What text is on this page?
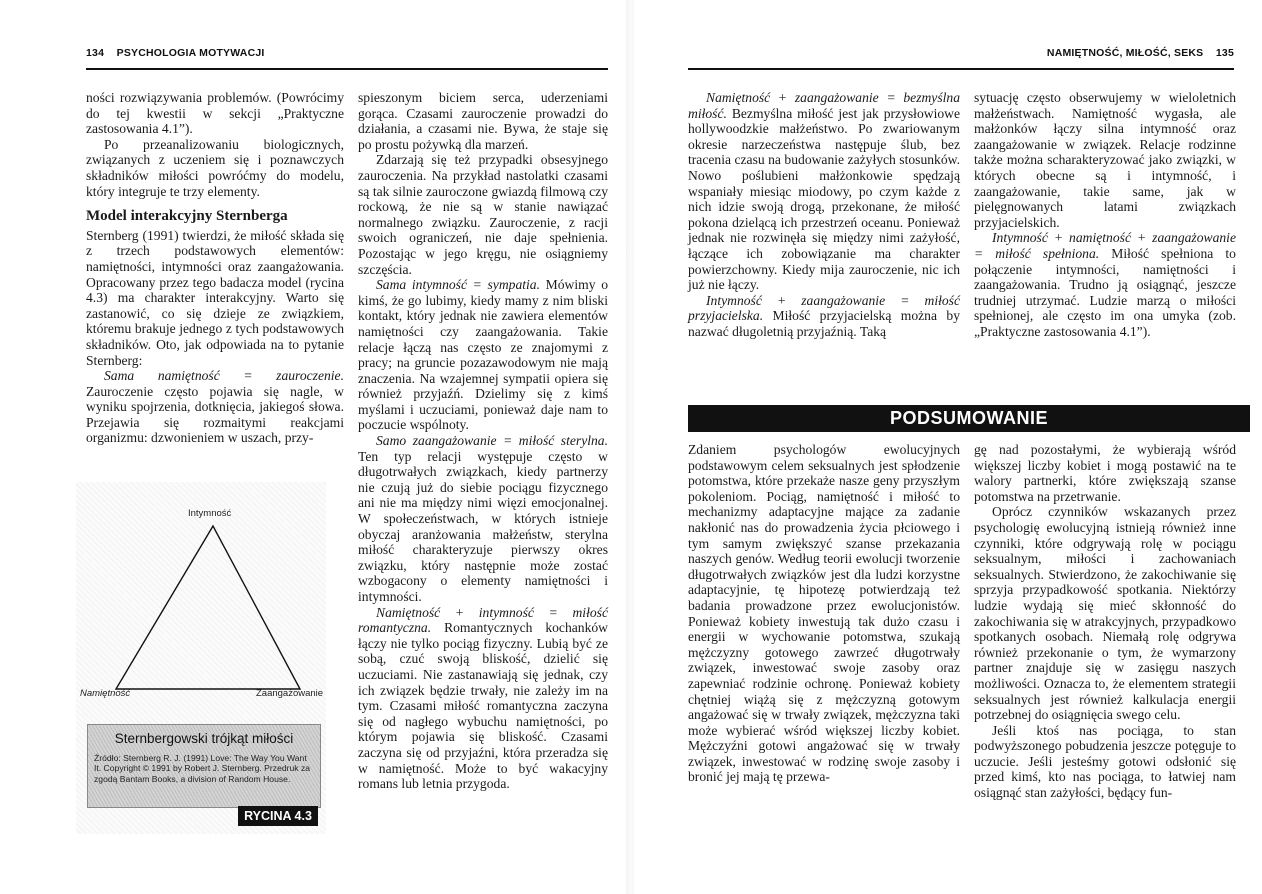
134 PSYCHOLOGIA MOTYWACJI

ności rozwiązywania problemów. (Powrócimy do tej kwestii w sekcji „Praktyczne zastosowania 4.1”).

Po przeanalizowaniu biologicznych, związanych z uczeniem się i poznawczych składników miłości powróćmy do modelu, który integruje te trzy elementy.

Model interakcyjny Sternberga

Sternberg (1991) twierdzi, że miłość składa się z trzech podstawowych elementów: namiętności, intymności oraz zaangażowania. Opracowany przez tego badacza model (rycina 4.3) ma charakter interakcyjny. Warto się zastanowić, co się dzieje ze związkiem, któremu brakuje jednego z tych podstawowych składników. Oto, jak odpowiada na to pytanie Sternberg:

Sama namiętność = zauroczenie. Zauroczenie często pojawia się nagle, w wyniku spojrzenia, dotknięcia, jakiegoś słowa. Przejawia się rozmaitymi reakcjami organizmu: dzwonieniem w uszach, przy-

Intymność
Namiętność	Zaangażowanie
Sternbergowski trójkąt miłości
Źródło: Sternberg R. J. (1991) Love: The Way You Want It. Copyright © 1991 by Robert J. Sternberg. Przedruk za zgodą Bantam Books, a division of Random House.
RYCINA 4.3

spieszonym biciem serca, uderzeniami gorąca. Czasami zauroczenie prowadzi do działania, a czasami nie. Bywa, że staje się po prostu pożywką dla marzeń.

Zdarzają się też przypadki obsesyjnego zauroczenia. Na przykład nastolatki czasami są tak silnie zauroczone gwiazdą filmową czy rockową, że nie są w stanie nawiązać normalnego związku. Zauroczenie, z racji swoich ograniczeń, nie daje spełnienia. Pozostając w jego kręgu, nie osiągniemy szczęścia.

Sama intymność = sympatia. Mówimy o kimś, że go lubimy, kiedy mamy z nim bliski kontakt, który jednak nie zawiera elementów namiętności czy zaangażowania. Takie relacje łączą nas często ze znajomymi z pracy; na gruncie pozazawodowym nie mają znaczenia. Na wzajemnej sympatii opiera się również przyjaźń. Dzielimy się z kimś myślami i uczuciami, ponieważ daje nam to poczucie wspólnoty.

Samo zaangażowanie = miłość sterylna. Ten typ relacji występuje często w długotrwałych związkach, kiedy partnerzy nie czują już do siebie pociągu fizycznego ani nie ma między nimi więzi emocjonalnej. W społeczeństwach, w których istnieje obyczaj aranżowania małżeństw, sterylna miłość charakteryzuje pierwszy okres związku, który następnie może zostać wzbogacony o elementy namiętności i intymności.

Namiętność + intymność = miłość romantyczna. Romantycznych kochanków łączy nie tylko pociąg fizyczny. Lubią być ze sobą, czuć swoją bliskość, dzielić się uczuciami. Nie zastanawiają się jednak, czy ich związek będzie trwały, nie zależy im na tym. Czasami miłość romantyczna zaczyna się od nagłego wybuchu namiętności, po którym pojawia się bliskość. Czasami zaczyna się od przyjaźni, która przeradza się w namiętność. Może to być wakacyjny romans lub letnia przygoda.

NAMIĘTNOŚĆ, MIŁOŚĆ, SEKS 135

Namiętność + zaangażowanie = bezmyślna miłość. Bezmyślna miłość jest jak przysłowiowe hollywoodzkie małżeństwo. Po zwariowanym okresie narzeczeństwa następuje ślub, bez tracenia czasu na budowanie zażyłych stosunków. Nowo poślubieni małżonkowie spędzają wspaniały miesiąc miodowy, po czym każde z nich idzie swoją drogą, przekonane, że miłość pokona dzielącą ich przestrzeń oceanu. Ponieważ jednak nie rozwinęła się między nimi zażyłość, łączące ich zobowiązanie ma charakter powierzchowny. Kiedy mija zauroczenie, nic ich już nie łączy.

Intymność + zaangażowanie = miłość przyjacielska. Miłość przyjacielską można by nazwać długoletnią przyjaźnią. Taką

sytuację często obserwujemy w wieloletnich małżeństwach. Namiętność wygasła, ale małżonków łączy silna intymność oraz zaangażowanie w związek. Relacje rodzinne także można scharakteryzować jako związki, w których obecne są i intymność, i zaangażowanie, takie same, jak w pielęgnowanych latami związkach przyjacielskich.

Intymność + namiętność + zaangażowanie = miłość spełniona. Miłość spełniona to połączenie intymności, namiętności i zaangażowania. Trudno ją osiągnąć, jeszcze trudniej utrzymać. Ludzie marzą o miłości spełnionej, ale często im ona umyka (zob. „Praktyczne zastosowania 4.1”).

PODSUMOWANIE

Zdaniem psychologów ewolucyjnych podstawowym celem seksualnych jest spłodzenie potomstwa, które przekaże nasze geny przyszłym pokoleniom. Pociąg, namiętność i miłość to mechanizmy adaptacyjne mające za zadanie nakłonić nas do prowadzenia życia płciowego i tym samym zwiększyć szanse przekazania naszych genów. Według teorii ewolucji tworzenie długotrwałych związków jest dla ludzi korzystne adaptacyjnie, tę hipotezę potwierdzają też badania prowadzone przez ewolucjonistów. Ponieważ kobiety inwestują tak dużo czasu i energii w wychowanie potomstwa, szukają mężczyzny gotowego zawrzeć długotrwały związek, inwestować swoje zasoby oraz zapewniać rodzinie ochronę. Ponieważ kobiety chętniej wiążą się z mężczyzną gotowym angażować się w trwały związek, mężczyzna taki może wybierać wśród większej liczby kobiet. Mężczyźni gotowi angażować się w trwały związek, inwestować w rodzinę swoje zasoby i bronić jej mają tę przewa-

gę nad pozostałymi, że wybierają wśród większej liczby kobiet i mogą postawić na te walory partnerki, które zwiększają szanse potomstwa na przetrwanie.

Oprócz czynników wskazanych przez psychologię ewolucyjną istnieją również inne czynniki, które odgrywają rolę w pociągu seksualnym, miłości i zachowaniach seksualnych. Stwierdzono, że zakochiwanie się sprzyja przypadkowość spotkania. Niektórzy ludzie wydają się mieć skłonność do zakochiwania się w atrakcyjnych, przypadkowo spotkanych osobach. Niemałą rolę odgrywa również przekonanie o tym, że wymarzony partner znajduje się w zasięgu naszych możliwości. Oznacza to, że elementem strategii seksualnych jest również kalkulacja energii potrzebnej do osiągnięcia swego celu.

Jeśli ktoś nas pociąga, to stan podwyższonego pobudzenia jeszcze potęguje to uczucie. Jeśli jesteśmy gotowi odsłonić się przed kimś, kto nas pociąga, to łatwiej nam osiągnąć stan zażyłości, będący fun-
